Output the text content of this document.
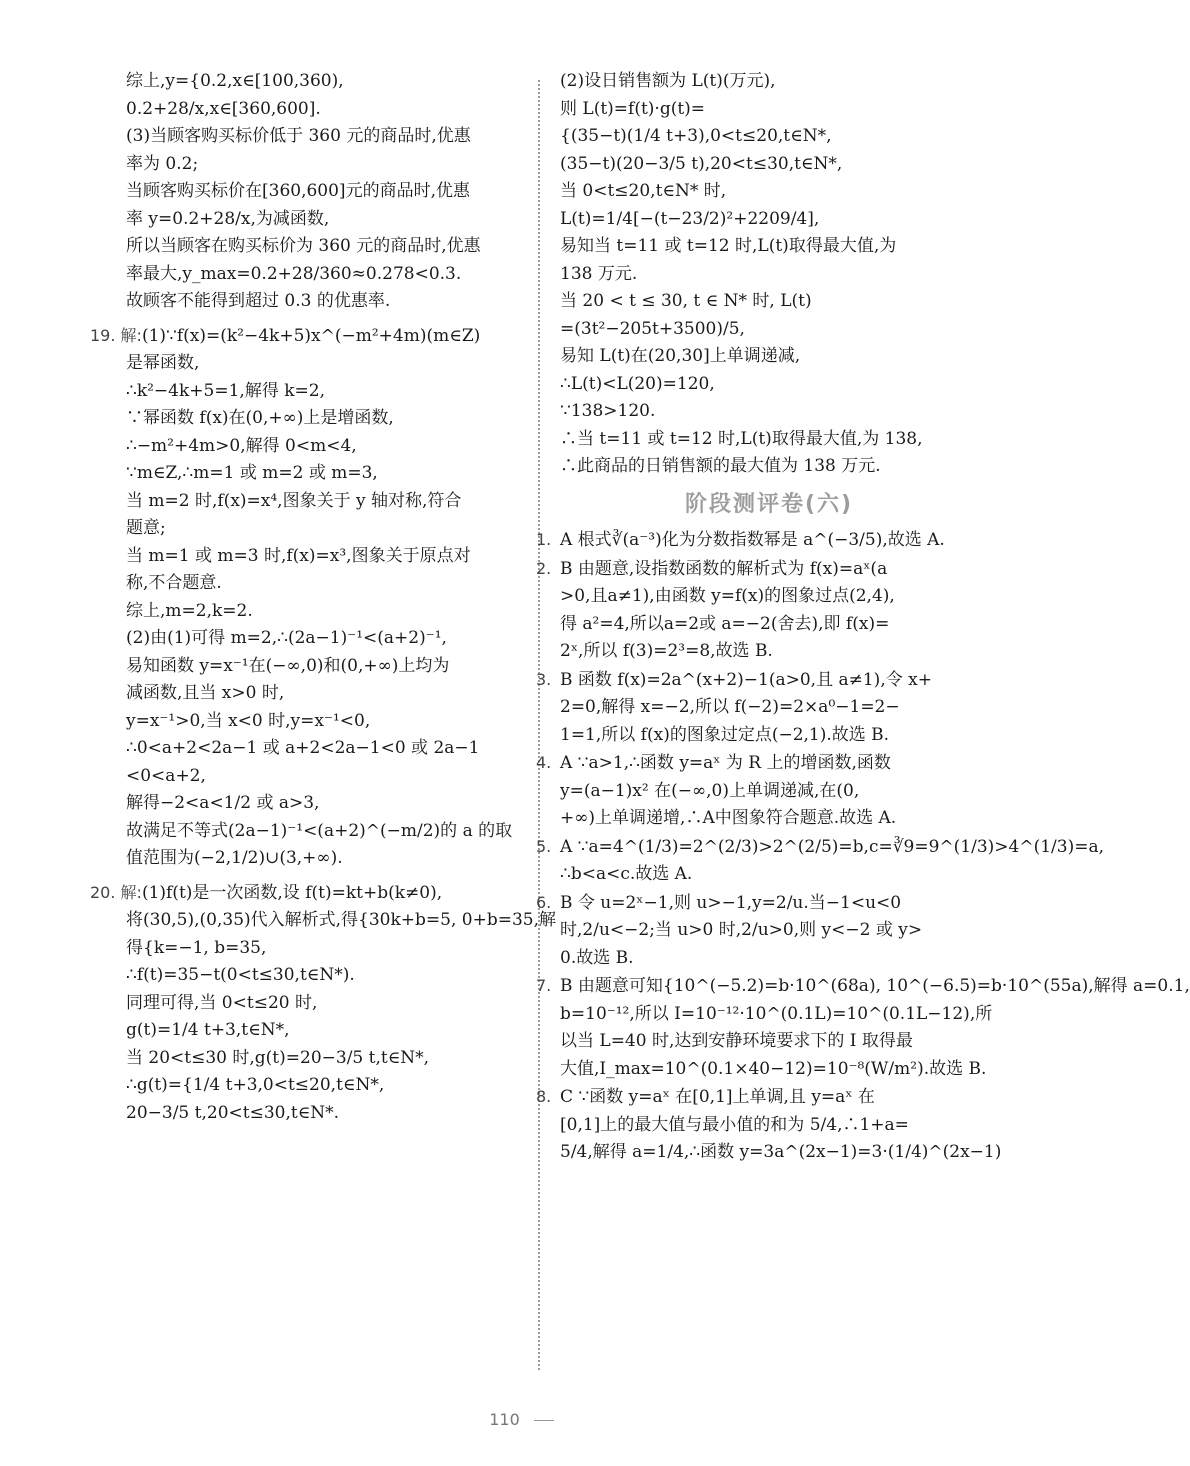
综上,y={0.2,x∈[100,360),
0.2+28/x,x∈[360,600].
(3)当顾客购买标价低于 360 元的商品时,优惠
率为 0.2;
当顾客购买标价在[360,600]元的商品时,优惠
率 y=0.2+28/x,为减函数,
所以当顾客在购买标价为 360 元的商品时,优惠
率最大,y_max=0.2+28/360≈0.278<0.3.
故顾客不能得到超过 0.3 的优惠率.
19. 解:(1)∵f(x)=(k²−4k+5)x^(−m²+4m)(m∈Z)
是幂函数,
∴k²−4k+5=1,解得 k=2,
∵幂函数 f(x)在(0,+∞)上是增函数,
∴−m²+4m>0,解得 0<m<4,
∵m∈Z,∴m=1 或 m=2 或 m=3,
当 m=2 时,f(x)=x⁴,图象关于 y 轴对称,符合
题意;
当 m=1 或 m=3 时,f(x)=x³,图象关于原点对
称,不合题意.
综上,m=2,k=2.
(2)由(1)可得 m=2,∴(2a−1)⁻¹<(a+2)⁻¹,
易知函数 y=x⁻¹在(−∞,0)和(0,+∞)上均为
减函数,且当 x>0 时,
y=x⁻¹>0,当 x<0 时,y=x⁻¹<0,
∴0<a+2<2a−1 或 a+2<2a−1<0 或 2a−1
<0<a+2,
解得−2<a<1/2 或 a>3,
故满足不等式(2a−1)⁻¹<(a+2)^(−m/2)的 a 的取
值范围为(−2,1/2)∪(3,+∞).
20. 解:(1)f(t)是一次函数,设 f(t)=kt+b(k≠0),
将(30,5),(0,35)代入解析式,得{30k+b=5, 0+b=35,解
得{k=−1, b=35,
∴f(t)=35−t(0<t≤30,t∈N*).
同理可得,当 0<t≤20 时,
g(t)=1/4 t+3,t∈N*,
当 20<t≤30 时,g(t)=20−3/5 t,t∈N*,
∴g(t)={1/4 t+3,0<t≤20,t∈N*,
20−3/5 t,20<t≤30,t∈N*.
(2)设日销售额为 L(t)(万元),
则 L(t)=f(t)·g(t)=
{(35−t)(1/4 t+3),0<t≤20,t∈N*,
(35−t)(20−3/5 t),20<t≤30,t∈N*,
当 0<t≤20,t∈N* 时,
L(t)=1/4[−(t−23/2)²+2209/4],
易知当 t=11 或 t=12 时,L(t)取得最大值,为
138 万元.
当 20 < t ≤ 30, t ∈ N* 时, L(t)
=(3t²−205t+3500)/5,
易知 L(t)在(20,30]上单调递减,
∴L(t)<L(20)=120,
∵138>120.
∴当 t=11 或 t=12 时,L(t)取得最大值,为 138,
∴此商品的日销售额的最大值为 138 万元.
阶段测评卷(六)
1. A 根式∛(a⁻³)化为分数指数幂是 a^(−3/5),故选 A.
2. B 由题意,设指数函数的解析式为 f(x)=aˣ(a
>0,且a≠1),由函数 y=f(x)的图象过点(2,4),
得 a²=4,所以a=2或 a=−2(舍去),即 f(x)=
2ˣ,所以 f(3)=2³=8,故选 B.
3. B 函数 f(x)=2a^(x+2)−1(a>0,且 a≠1),令 x+
2=0,解得 x=−2,所以 f(−2)=2×a⁰−1=2−
1=1,所以 f(x)的图象过定点(−2,1).故选 B.
4. A ∵a>1,∴函数 y=aˣ 为 R 上的增函数,函数
y=(a−1)x² 在(−∞,0)上单调递减,在(0,
+∞)上单调递增,∴A中图象符合题意.故选 A.
5. A ∵a=4^(1/3)=2^(2/3)>2^(2/5)=b,c=∛9=9^(1/3)>4^(1/3)=a,
∴b<a<c.故选 A.
6. B 令 u=2ˣ−1,则 u>−1,y=2/u.当−1<u<0
时,2/u<−2;当 u>0 时,2/u>0,则 y<−2 或 y>
0.故选 B.
7. B 由题意可知{10^(−5.2)=b·10^(68a), 10^(−6.5)=b·10^(55a),解得 a=0.1,
b=10⁻¹²,所以 I=10⁻¹²·10^(0.1L)=10^(0.1L−12),所
以当 L=40 时,达到安静环境要求下的 I 取得最
大值,I_max=10^(0.1×40−12)=10⁻⁸(W/m²).故选 B.
8. C ∵函数 y=aˣ 在[0,1]上单调,且 y=aˣ 在
[0,1]上的最大值与最小值的和为 5/4,∴1+a=
5/4,解得 a=1/4,∴函数 y=3a^(2x−1)=3·(1/4)^(2x−1)
110
